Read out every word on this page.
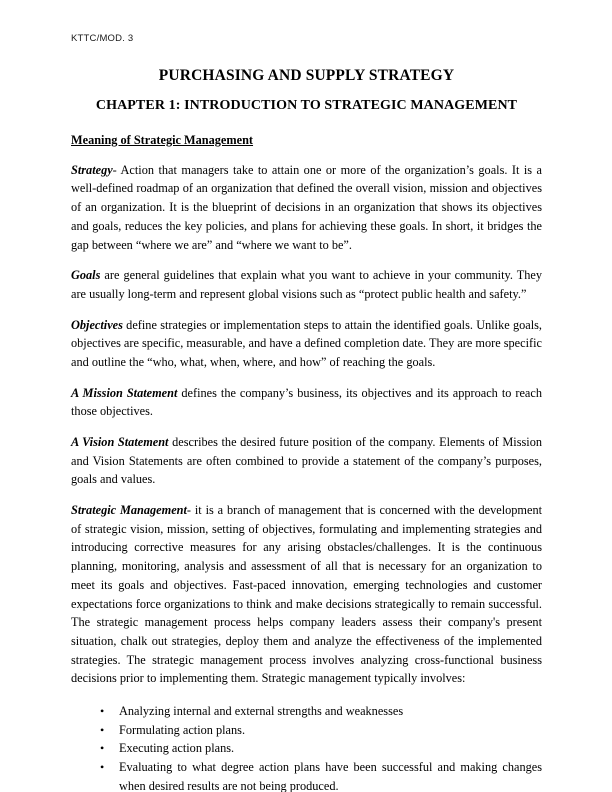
KTTC/MOD. 3
PURCHASING AND SUPPLY STRATEGY
CHAPTER 1: INTRODUCTION TO STRATEGIC MANAGEMENT
Meaning of Strategic Management

Strategy- Action that managers take to attain one or more of the organization’s goals. It is a well-defined roadmap of an organization that defined the overall vision, mission and objectives of an organization. It is the blueprint of decisions in an organization that shows its objectives and goals, reduces the key policies, and plans for achieving these goals. In short, it bridges the gap between “where we are” and “where we want to be”.

Goals are general guidelines that explain what you want to achieve in your community. They are usually long-term and represent global visions such as “protect public health and safety.”

Objectives define strategies or implementation steps to attain the identified goals. Unlike goals, objectives are specific, measurable, and have a defined completion date. They are more specific and outline the “who, what, when, where, and how” of reaching the goals.

A Mission Statement defines the company’s business, its objectives and its approach to reach those objectives.

A Vision Statement describes the desired future position of the company. Elements of Mission and Vision Statements are often combined to provide a statement of the company’s purposes, goals and values.

Strategic Management- it is a branch of management that is concerned with the development of strategic vision, mission, setting of objectives, formulating and implementing strategies and introducing corrective measures for any arising obstacles/challenges. It is the continuous planning, monitoring, analysis and assessment of all that is necessary for an organization to meet its goals and objectives. Fast-paced innovation, emerging technologies and customer expectations force organizations to think and make decisions strategically to remain successful. The strategic management process helps company leaders assess their company's present situation, chalk out strategies, deploy them and analyze the effectiveness of the implemented strategies. The strategic management process involves analyzing cross-functional business decisions prior to implementing them. Strategic management typically involves:

• Analyzing internal and external strengths and weaknesses
• Formulating action plans.
• Executing action plans.
• Evaluating to what degree action plans have been successful and making changes when desired results are not being produced.
